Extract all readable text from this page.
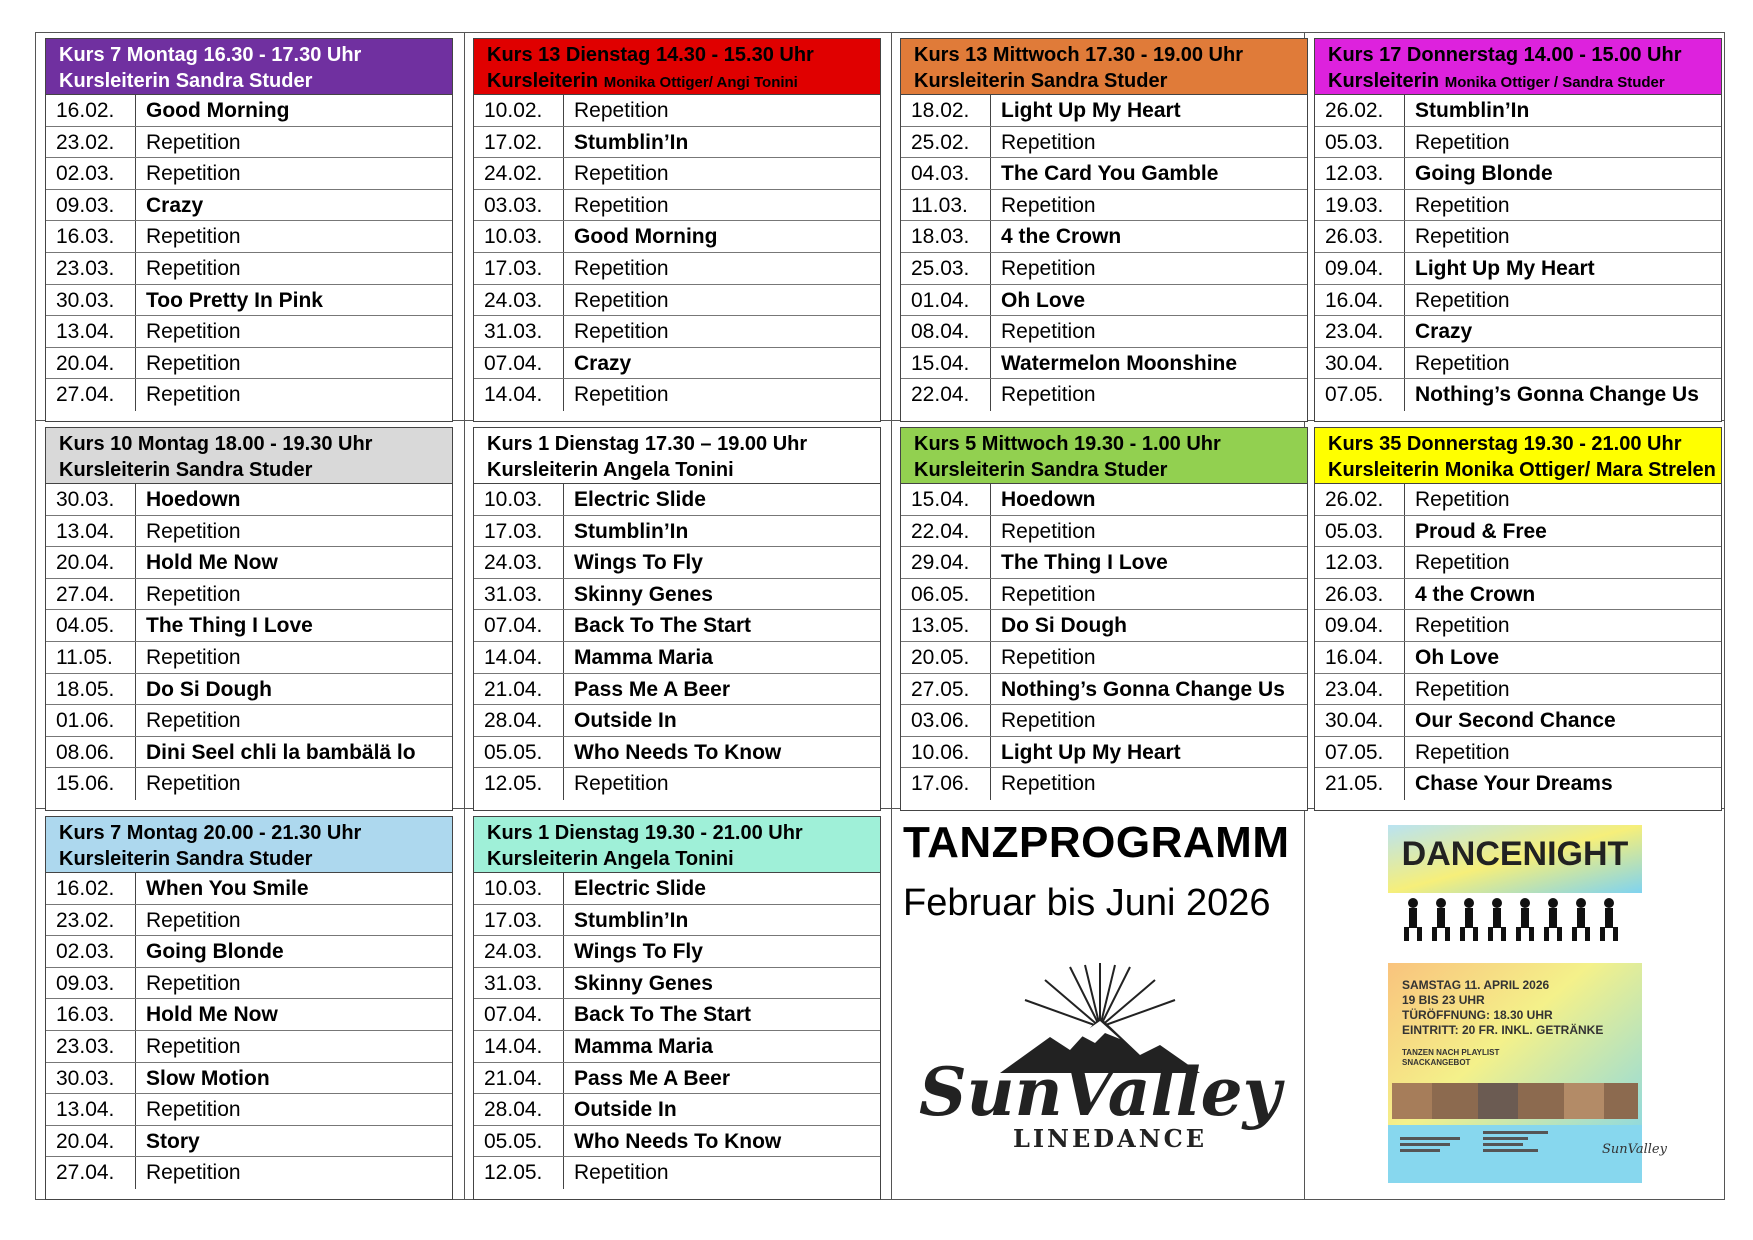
Kurs 7 Montag 16.30 - 17.30 Uhr
Kursleiterin Sandra Studer
16.02.	Good Morning
23.02.	Repetition
02.03.	Repetition
09.03.	Crazy
16.03.	Repetition
23.03.	Repetition
30.03.	Too Pretty In Pink
13.04.	Repetition
20.04.	Repetition
27.04.	Repetition
Kurs 13 Dienstag 14.30 - 15.30 Uhr
Kursleiterin Monika Ottiger/ Angi Tonini
10.02.	Repetition
17.02.	Stumblin’In
24.02.	Repetition
03.03.	Repetition
10.03.	Good Morning
17.03.	Repetition
24.03.	Repetition
31.03.	Repetition
07.04.	Crazy
14.04.	Repetition
Kurs 13 Mittwoch 17.30 - 19.00 Uhr
Kursleiterin Sandra Studer
18.02.	Light Up My Heart
25.02.	Repetition
04.03.	The Card You Gamble
11.03.	Repetition
18.03.	4 the Crown
25.03.	Repetition
01.04.	Oh Love
08.04.	Repetition
15.04.	Watermelon Moonshine
22.04.	Repetition
Kurs 17 Donnerstag 14.00 - 15.00 Uhr
Kursleiterin Monika Ottiger / Sandra Studer
26.02.	Stumblin’In
05.03.	Repetition
12.03.	Going Blonde
19.03.	Repetition
26.03.	Repetition
09.04.	Light Up My Heart
16.04.	Repetition
23.04.	Crazy
30.04.	Repetition
07.05.	Nothing’s Gonna Change Us
Kurs 10 Montag 18.00 - 19.30 Uhr
Kursleiterin Sandra Studer
30.03.	Hoedown
13.04.	Repetition
20.04.	Hold Me Now
27.04.	Repetition
04.05.	The Thing I Love
11.05.	Repetition
18.05.	Do Si Dough
01.06.	Repetition
08.06.	Dini Seel chli la bambälä lo
15.06.	Repetition
Kurs 1 Dienstag 17.30 – 19.00 Uhr
Kursleiterin Angela Tonini
10.03.	Electric Slide
17.03.	Stumblin’In
24.03.	Wings To Fly
31.03.	Skinny Genes
07.04.	Back To The Start
14.04.	Mamma Maria
21.04.	Pass Me A Beer
28.04.	Outside In
05.05.	Who Needs To Know
12.05.	Repetition
Kurs 5 Mittwoch 19.30 - 1.00 Uhr
Kursleiterin Sandra Studer
15.04.	Hoedown
22.04.	Repetition
29.04.	The Thing I Love
06.05.	Repetition
13.05.	Do Si Dough
20.05.	Repetition
27.05.	Nothing’s Gonna Change Us
03.06.	Repetition
10.06.	Light Up My Heart
17.06.	Repetition
Kurs 35 Donnerstag 19.30 - 21.00 Uhr
Kursleiterin Monika Ottiger/ Mara Strelen
26.02.	Repetition
05.03.	Proud & Free
12.03.	Repetition
26.03.	4 the Crown
09.04.	Repetition
16.04.	Oh Love
23.04.	Repetition
30.04.	Our Second Chance
07.05.	Repetition
21.05.	Chase Your Dreams
Kurs 7 Montag 20.00 - 21.30 Uhr
Kursleiterin Sandra Studer
16.02.	When You Smile
23.02.	Repetition
02.03.	Going Blonde
09.03.	Repetition
16.03.	Hold Me Now
23.03.	Repetition
30.03.	Slow Motion
13.04.	Repetition
20.04.	Story
27.04.	Repetition
Kurs 1 Dienstag 19.30 - 21.00 Uhr
Kursleiterin Angela Tonini
10.03.	Electric Slide
17.03.	Stumblin’In
24.03.	Wings To Fly
31.03.	Skinny Genes
07.04.	Back To The Start
14.04.	Mamma Maria
21.04.	Pass Me A Beer
28.04.	Outside In
05.05.	Who Needs To Know
12.05.	Repetition
TANZPROGRAMM
Februar bis Juni 2026
SunValley
LINEDANCE
DANCENIGHT
SAMSTAG 11. APRIL 2026
19 BIS 23 UHR
TÜRÖFFNUNG: 18.30 UHR
EINTRITT: 20 FR. INKL. GETRÄNKE
TANZEN NACH PLAYLIST
SNACKANGEBOT
SunValley
